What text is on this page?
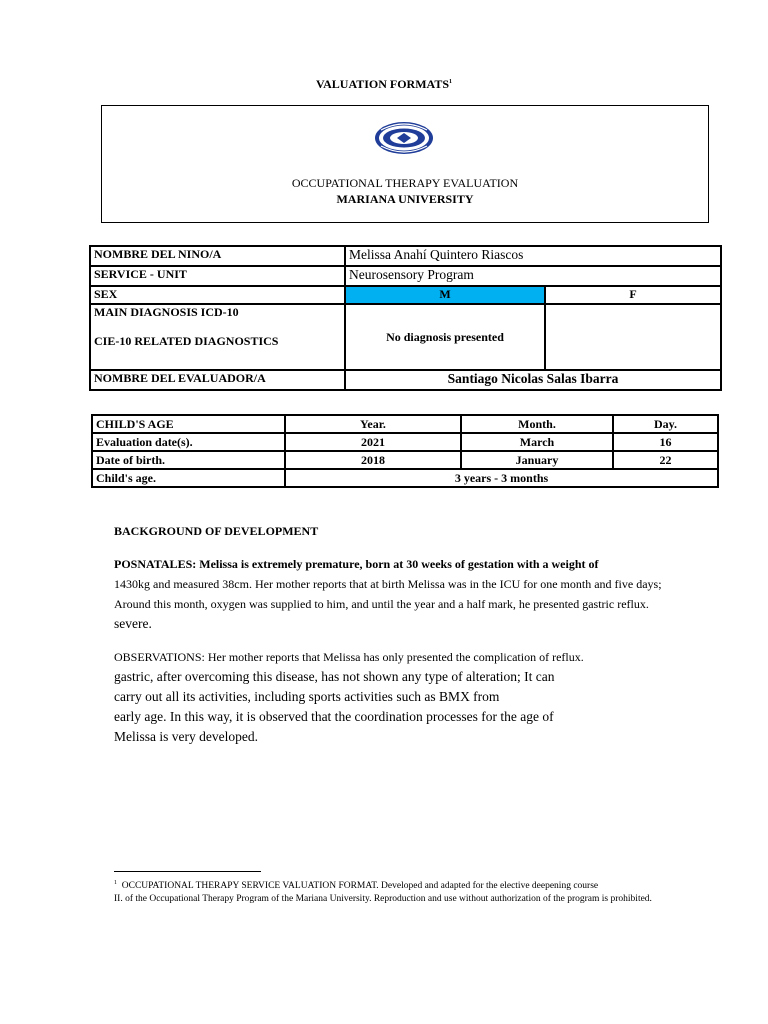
VALUATION FORMATS$^1$
OCCUPATIONAL THERAPY EVALUATION
MARIANA UNIVERSITY
NOMBRE DEL NINO/A	Melissa Anahí Quintero Riascos	
SERVICE - UNIT	Neurosensory Program	
SEX	M	F

MAIN DIAGNOSIS ICD-10
CIE-10 RELATED DIAGNOSTICS	No diagnosis presented	
NOMBRE DEL EVALUADOR/A	Santiago Nicolas Salas Ibarra	
CHILD'S AGE	Year.	Month.	Day.
Evaluation date(s).	2021	March	16
Date of birth.	2018	January	22
Child's age.	3 years - 3 months		
BACKGROUND OF DEVELOPMENT
POSNATALES: Melissa is extremely premature, born at 30 weeks of gestation with a weight of
1430kg and measured 38cm. Her mother reports that at birth Melissa was in the ICU for one month and five days;
Around this month, oxygen was supplied to him, and until the year and a half mark, he presented gastric reflux.
severe.
OBSERVATIONS: Her mother reports that Melissa has only presented the complication of reflux.
gastric, after overcoming this disease, has not shown any type of alteration; It can
carry out all its activities, including sports activities such as BMX from
early age. In this way, it is observed that the coordination processes for the age of
Melissa is very developed.
$^1$ OCCUPATIONAL THERAPY SERVICE VALUATION FORMAT. Developed and adapted for the elective deepening course
II. of the Occupational Therapy Program of the Mariana University. Reproduction and use without authorization of the program is prohibited.
